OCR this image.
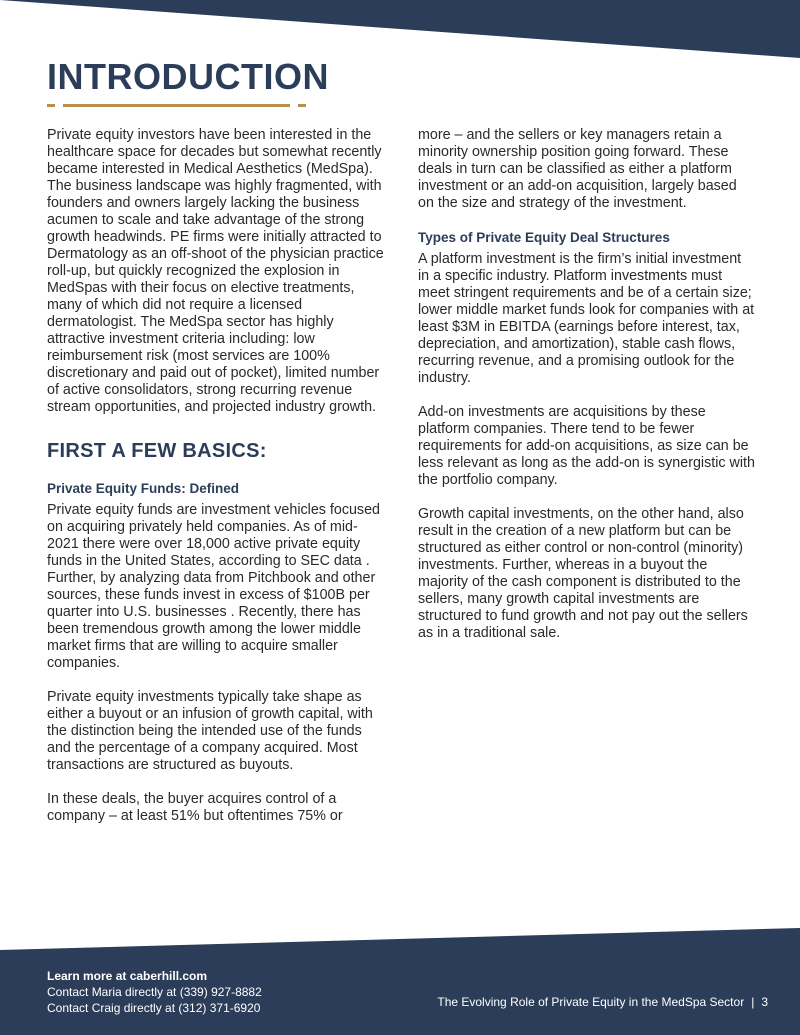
INTRODUCTION

Private equity investors have been interested in the healthcare space for decades but somewhat recently became interested in Medical Aesthetics (MedSpa). The business landscape was highly fragmented, with founders and owners largely lacking the business acumen to scale and take advantage of the strong growth headwinds. PE firms were initially attracted to Dermatology as an off-shoot of the physician practice roll-up, but quickly recognized the explosion in MedSpas with their focus on elective treatments, many of which did not require a licensed dermatologist. The MedSpa sector has highly attractive investment criteria including: low reimbursement risk (most services are 100% discretionary and paid out of pocket), limited number of active consolidators, strong recurring revenue stream opportunities, and projected industry growth.

FIRST A FEW BASICS:
Private Equity Funds: Defined

Private equity funds are investment vehicles focused on acquiring privately held companies. As of mid-2021 there were over 18,000 active private equity funds in the United States, according to SEC data . Further, by analyzing data from Pitchbook and other sources, these funds invest in excess of $100B per quarter into U.S. businesses . Recently, there has been tremendous growth among the lower middle market firms that are willing to acquire smaller companies.

Private equity investments typically take shape as either a buyout or an infusion of growth capital, with the distinction being the intended use of the funds and the percentage of a company acquired. Most transactions are structured as buyouts.

In these deals, the buyer acquires control of a company – at least 51% but oftentimes 75% or

more – and the sellers or key managers retain a minority ownership position going forward. These deals in turn can be classified as either a platform investment or an add-on acquisition, largely based on the size and strategy of the investment.

Types of Private Equity Deal Structures

A platform investment is the firm’s initial investment in a specific industry. Platform investments must meet stringent requirements and be of a certain size; lower middle market funds look for companies with at least $3M in EBITDA (earnings before interest, tax, depreciation, and amortization), stable cash flows, recurring revenue, and a promising outlook for the industry.

Add-on investments are acquisitions by these platform companies. There tend to be fewer requirements for add-on acquisitions, as size can be less relevant as long as the add-on is synergistic with the portfolio company.

Growth capital investments, on the other hand, also result in the creation of a new platform but can be structured as either control or non-control (minority) investments. Further, whereas in a buyout the majority of the cash component is distributed to the sellers, many growth capital investments are structured to fund growth and not pay out the sellers as in a traditional sale.

Learn more at caberhill.com
Contact Maria directly at (339) 927-8882
Contact Craig directly at (312) 371-6920	The Evolving Role of Private Equity in the MedSpa Sector | 3
